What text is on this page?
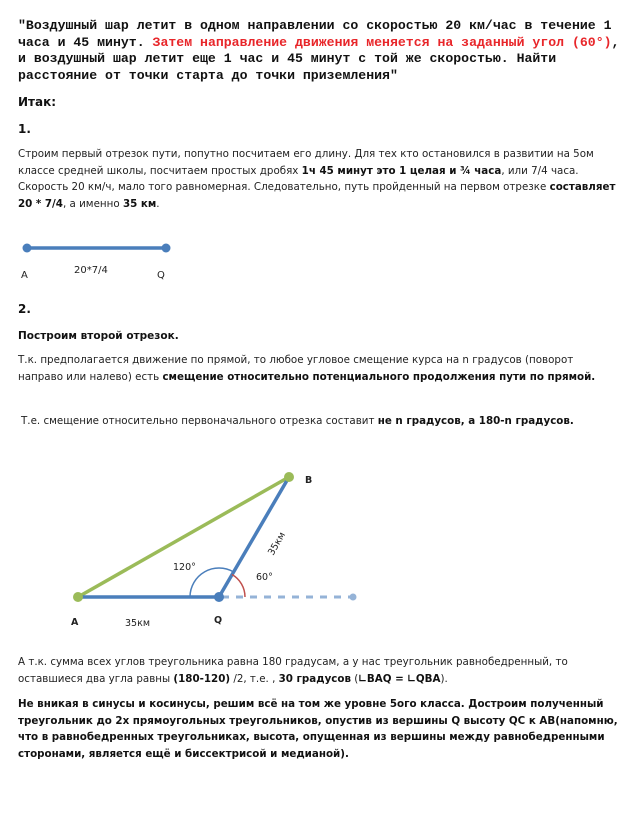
"Воздушный шар летит в одном направлении со скоростью 20 км/час в течение 1 часа и 45 минут. Затем направление движения меняется на заданный угол (60°), и воздушный шар летит еще 1 час и 45 минут с той же скоростью. Найти расстояние от точки старта до точки приземления"
Итак:
1.
Строим первый отрезок пути, попутно посчитаем его длину. Для тех кто остановился в развитии на 5ом классе средней школы, посчитаем простых дробях 1ч 45 минут это 1 целая и ¾ часа, или 7/4 часа. Скорость 20 км/ч, мало того равномерная. Следовательно, путь пройденный на первом отрезке составляет 20 * 7/4, а именно 35 км.
A	20*7/4	Q
2.
Построим второй отрезок.
Т.к. предполагается движение по прямой, то любое угловое смещение курса на n градусов (поворот направо или налево) есть смещение относительно потенциального продолжения пути по прямой.
Т.е. смещение относительно первоначального отрезка составит не n градусов, а 180-n градусов.
A	Q
B
35км
35км
120°
60°
А т.к. сумма всех углов треугольника равна 180 градусам, а у нас треугольник равнобедренный, то оставшиеся два угла равны (180-120) /2, т.е. , 30 градусов (∟BAQ = ∟QBA).
Не вникая в синусы и косинусы, решим всё на том же уровне 5ого класса. Достроим полученный треугольник до 2х прямоугольных треугольников, опустив из вершины Q высоту QC к AB(напомню, что в равнобедренных треугольниках, высота, опущенная из вершины между равнобедренными сторонами, является ещё и биссектрисой и медианой).
